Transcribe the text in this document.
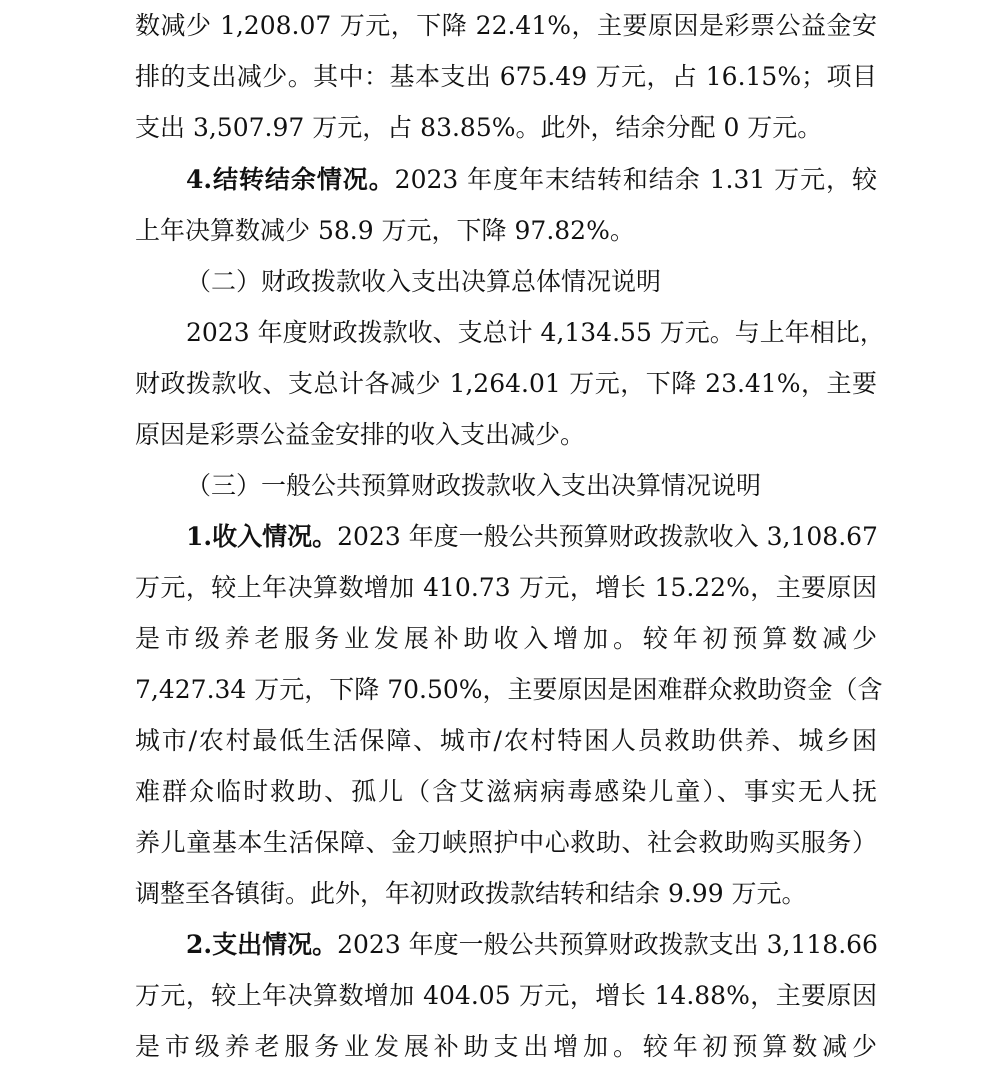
数减少 1,208.07 万元，下降 22.41%，主要原因是彩票公益金安
排的支出减少。其中：基本支出 675.49 万元，占 16.15%；项目
支出 3,507.97 万元，占 83.85%。此外，结余分配 0 万元。
4.结转结余情况。2023 年度年末结转和结余 1.31 万元，较
上年决算数减少 58.9 万元，下降 97.82%。
（二）财政拨款收入支出决算总体情况说明
2023 年度财政拨款收、支总计 4,134.55 万元。与上年相比，
财政拨款收、支总计各减少 1,264.01 万元，下降 23.41%，主要
原因是彩票公益金安排的收入支出减少。
（三）一般公共预算财政拨款收入支出决算情况说明
1.收入情况。2023 年度一般公共预算财政拨款收入 3,108.67
万元，较上年决算数增加 410.73 万元，增长 15.22%，主要原因
是市级养老服务业发展补助收入增加。较年初预算数减少
7,427.34 万元，下降 70.50%，主要原因是困难群众救助资金（含
城市/农村最低生活保障、城市/农村特困人员救助供养、城乡困
难群众临时救助、孤儿（含艾滋病病毒感染儿童）、事实无人抚
养儿童基本生活保障、金刀峡照护中心救助、社会救助购买服务）
调整至各镇街。此外，年初财政拨款结转和结余 9.99 万元。
2.支出情况。2023 年度一般公共预算财政拨款支出 3,118.66
万元，较上年决算数增加 404.05 万元，增长 14.88%，主要原因
是市级养老服务业发展补助支出增加。较年初预算数减少
